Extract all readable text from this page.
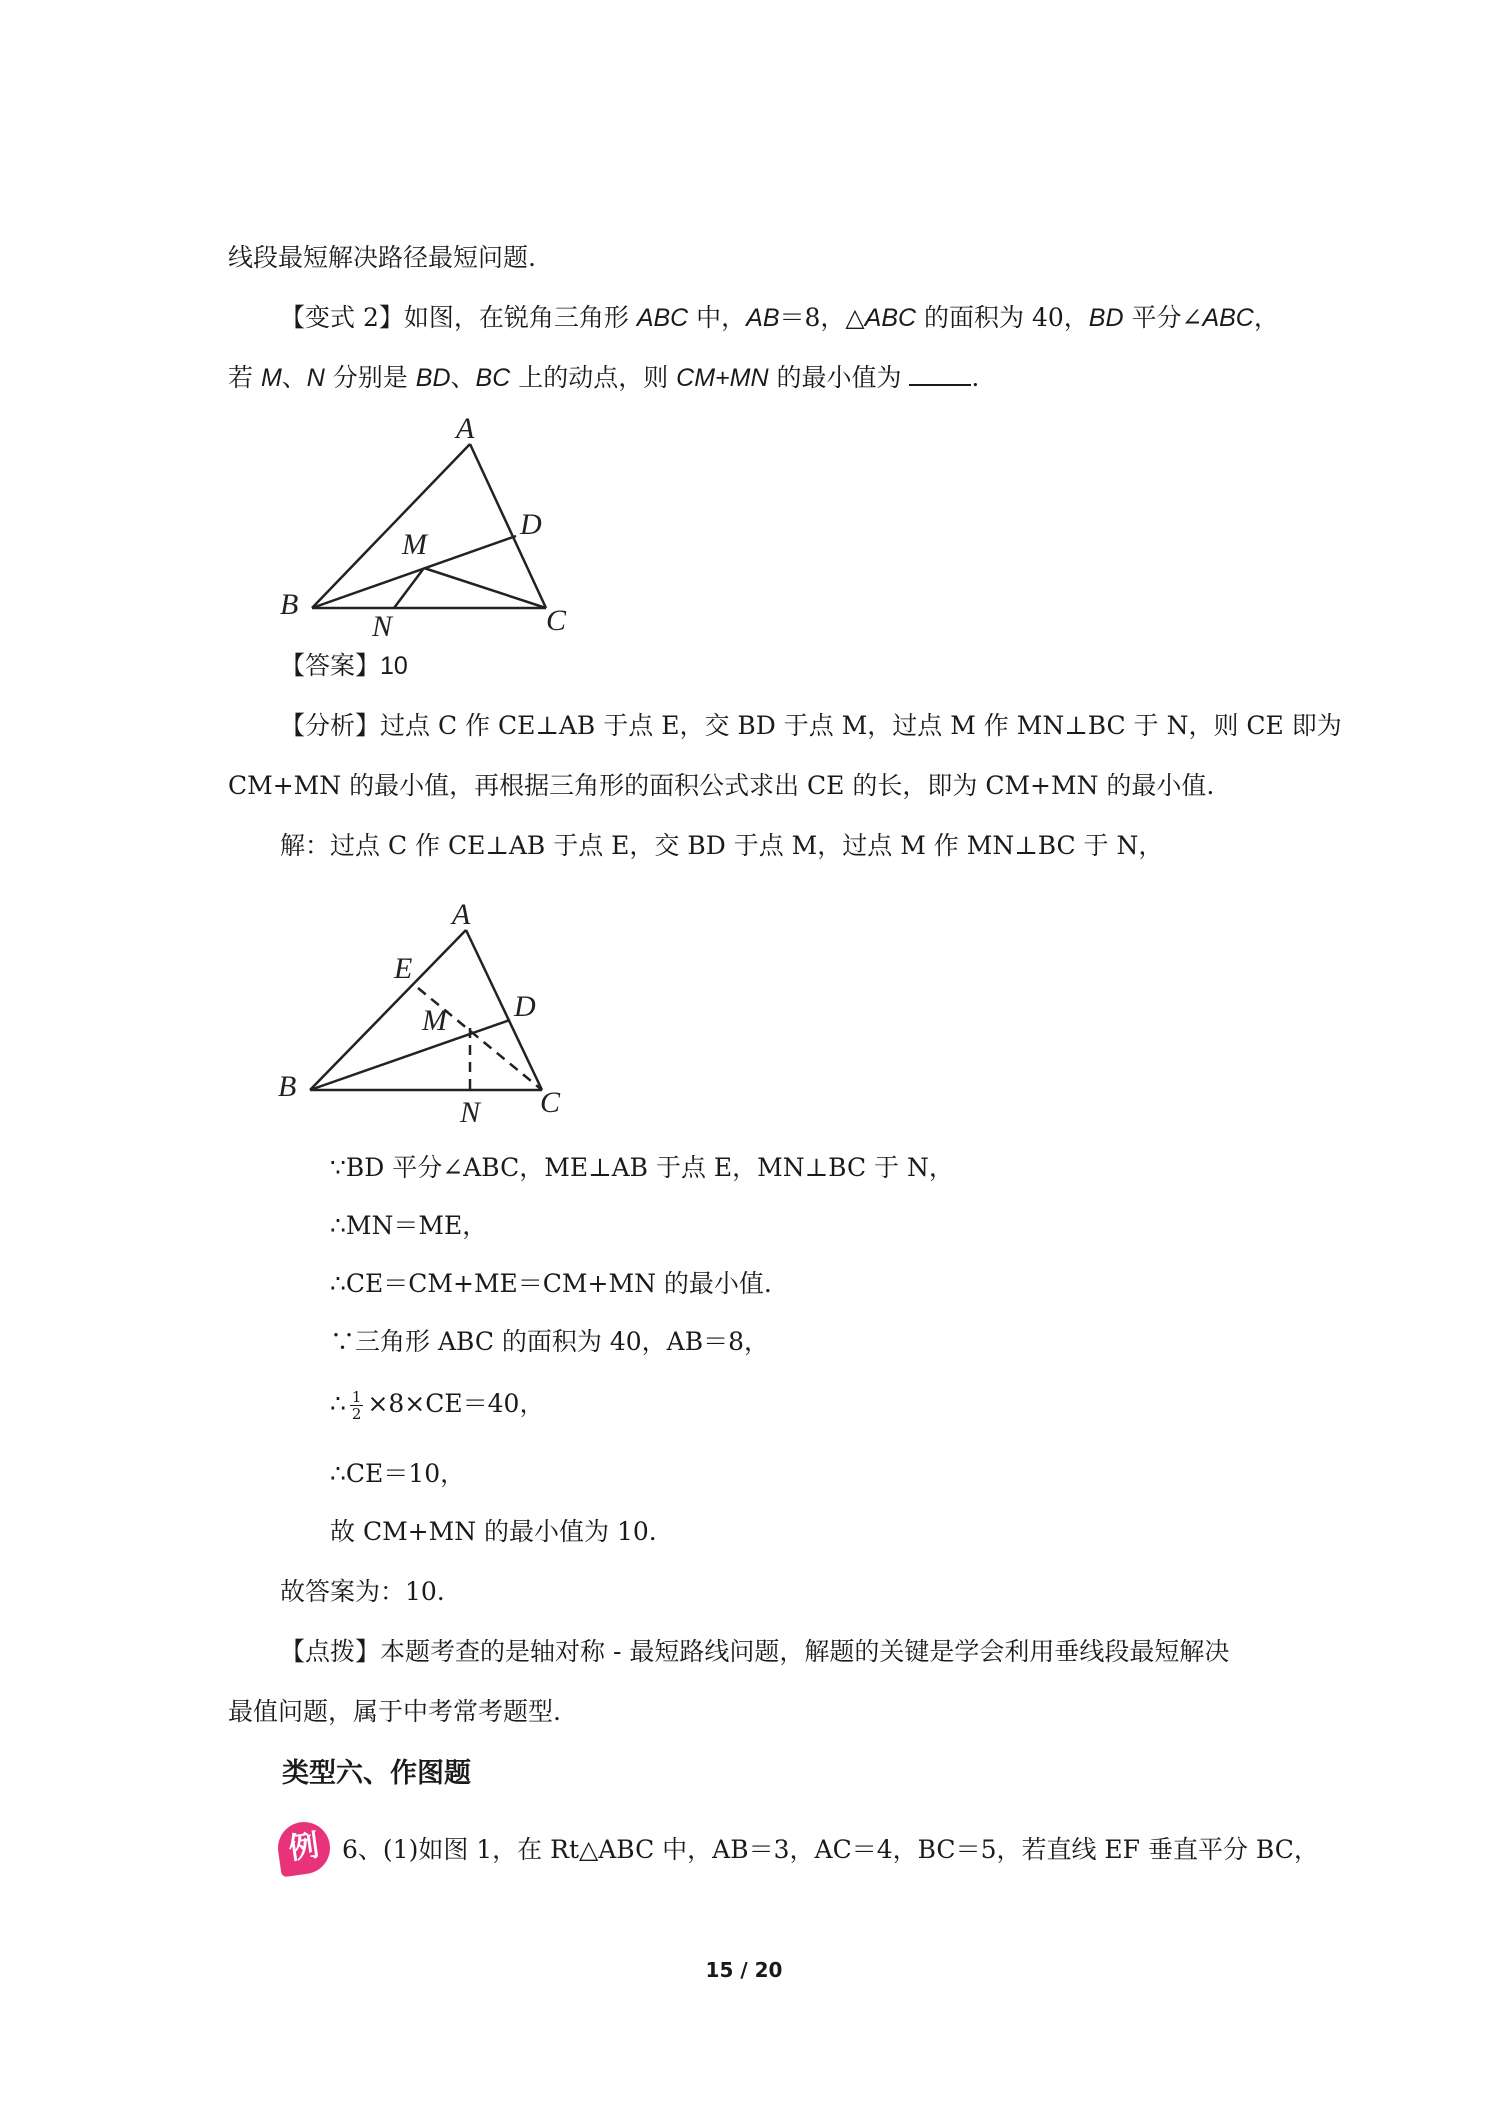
线段最短解决路径最短问题.
【变式 2】如图，在锐角三角形 ABC 中，AB＝8，△ABC 的面积为 40，BD 平分∠ABC，
若 M、N 分别是 BD、BC 上的动点，则 CM+MN 的最小值为 .
A
B	C
D
M
N
【答案】10
【分析】过点 C 作 CE⊥AB 于点 E，交 BD 于点 M，过点 M 作 MN⊥BC 于 N，则 CE 即为
CM+MN 的最小值，再根据三角形的面积公式求出 CE 的长，即为 CM+MN 的最小值.
解：过点 C 作 CE⊥AB 于点 E，交 BD 于点 M，过点 M 作 MN⊥BC 于 N，
A
B	C
D
E
M
N
∵BD 平分∠ABC，ME⊥AB 于点 E，MN⊥BC 于 N，
∴MN＝ME，
∴CE＝CM+ME＝CM+MN 的最小值.
∵三角形 ABC 的面积为 40，AB＝8，
∴ $\frac{1}{2} \times 8\times CE=40$，
∴CE＝10，
故 CM+MN 的最小值为 10.
故答案为：10.
【点拨】本题考查的是轴对称 - 最短路线问题，解题的关键是学会利用垂线段最短解决
最值问题，属于中考常考题型.
类型六、作图题
例 6、(1)如图 1，在 Rt△ABC 中，AB＝3，AC＝4，BC＝5，若直线 EF 垂直平分 BC，
15 / 20
